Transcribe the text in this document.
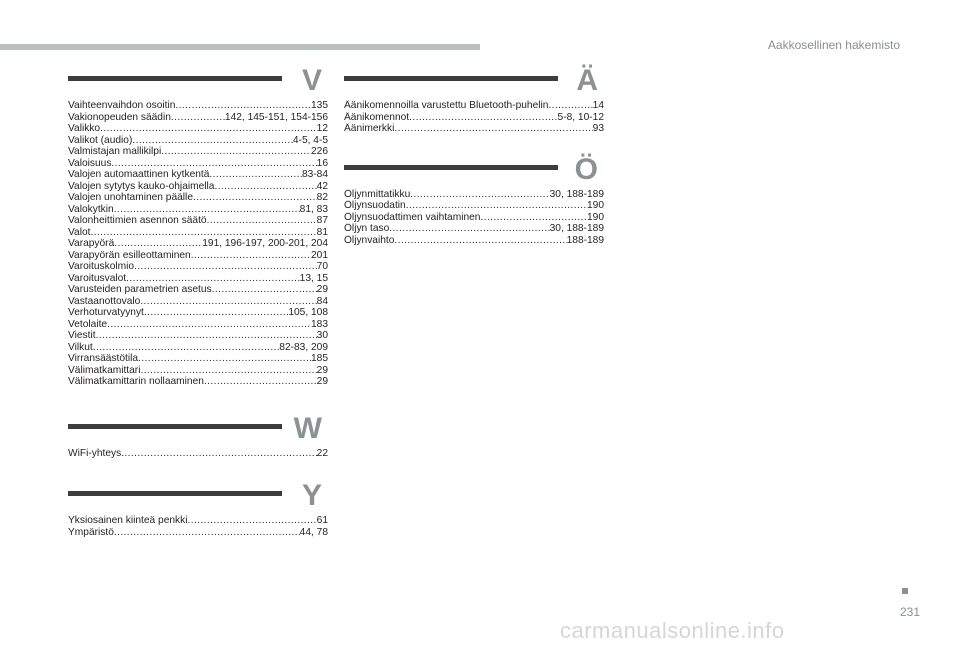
Aakkosellinen hakemisto
V
Vaihteenvaihdon osoitin .....	135
Vakionopeuden säädin .....	142, 145-151, 154-156
Valikko .....	12
Valikot (audio) .....	4-5, 4-5
Valmistajan mallikilpi .....	226
Valoisuus .....	16
Valojen automaattinen kytkentä .....	83-84
Valojen sytytys kauko-ohjaimella .....	42
Valojen unohtaminen päälle .....	82
Valokytkin .....	81, 83
Valonheittimien asennon säätö .....	87
Valot .....	81
Varapyörä .....	191, 196-197, 200-201, 204
Varapyörän esilleottaminen .....	201
Varoituskolmio .....	70
Varoitusvalot .....	13, 15
Varusteiden parametrien asetus .....	29
Vastaanottovalo .....	84
Verhoturvatyynyt .....	105, 108
Vetolaite .....	183
Viestit .....	30
Vilkut .....	82-83, 209
Virransäästötila .....	185
Välimatkamittari .....	29
Välimatkamittarin nollaaminen .....	29
W
WiFi-yhteys .....	22
Y
Yksiosainen kiinteä penkki .....	61
Ympäristö .....	44, 78
Ä
Äänikomennoilla varustettu Bluetooth-puhelin .....	14
Äänikomennot .....	5-8, 10-12
Äänimerkki .....	93
Ö
Öljynmittatikku .....	30, 188-189
Öljynsuodatin .....	190
Öljynsuodattimen vaihtaminen .....	190
Öljyn taso .....	30, 188-189
Öljynvaihto .....	188-189
231
carmanualsonline.info
